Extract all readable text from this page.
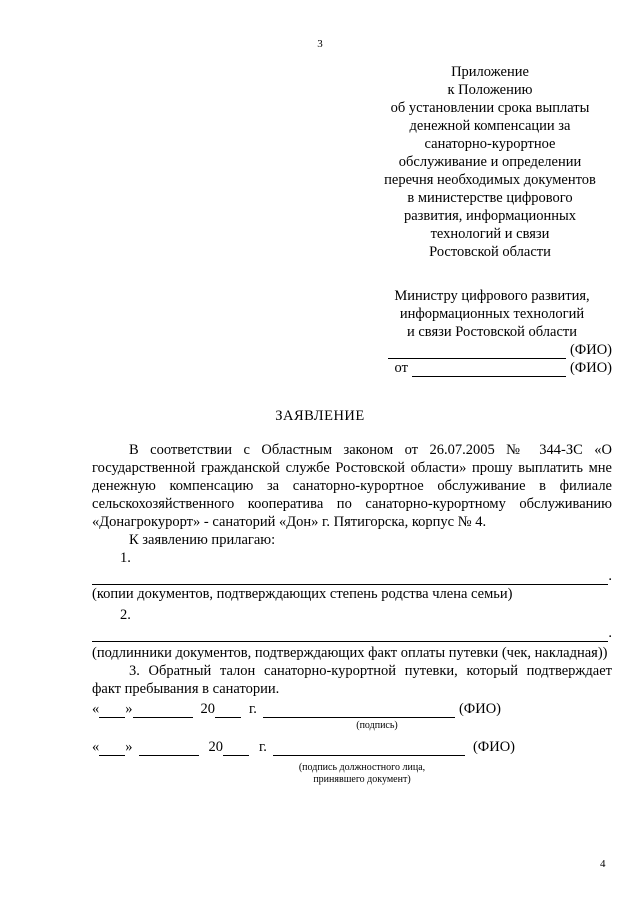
3
Приложение
к Положению
об установлении срока выплаты
денежной компенсации за
санаторно-курортное
обслуживание и определении
перечня необходимых документов
в министерстве цифрового
развития, информационных
технологий и связи
Ростовской области
Министру цифрового развития,
информационных технологий
и связи Ростовской области
(ФИО)
от	(ФИО)
ЗАЯВЛЕНИЕ
В соответствии с Областным законом от 26.07.2005 № 344-ЗС «О государственной гражданской службе Ростовской области» прошу выплатить мне денежную компенсацию за санаторно-курортное обслуживание в филиале сельскохозяйственного кооператива по санаторно-курортному обслуживанию «Донагрокурорт» - санаторий «Дон» г. Пятигорска, корпус № 4.
К заявлению прилагаю:
1.
.
(копии документов, подтверждающих степень родства члена семьи)
2.
.
(подлинники документов, подтверждающих факт оплаты путевки (чек, накладная))
3. Обратный талон санаторно-курортной путевки, который подтверждает факт пребывания в санатории.
« »	20 г.	(ФИО)
(подпись)
« »	20 г.	(ФИО)
(подпись должностного лица,
принявшего документ)
4
